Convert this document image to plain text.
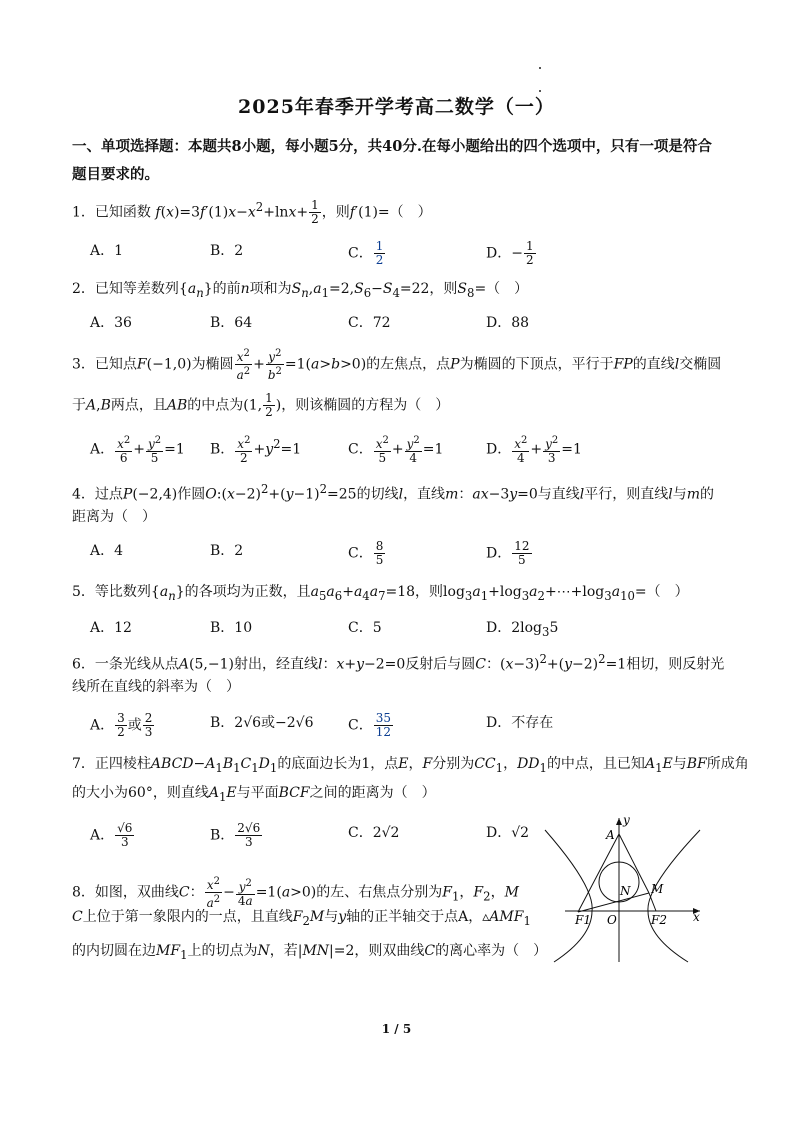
2025年春季开学考高二数学（一）
一、单项选择题：本题共8小题，每小题5分，共40分.在每小题给出的四个选项中，只有一项是符合题目要求的。
1．已知函数 $f(x)=3f'(1)x-x^2+\ln x+ \frac{1}{2}$ ，则f′(1)=（　）
A．1	B．2	C． $\frac{1}{2}$	D．− $\frac{1}{2}$
2．已知等差数列$\{a_n\}$的前n项和为$S_n,a_1=2,S_6-S_4=22$，则$S_8=$（　）
A．36	B．64	C．72	D．88
3．已知点F(−1,0)为椭圆 $\frac{x^2}{a^2} + \frac{y^2}{b^2} =1(a>b>0)$的左焦点，点P为椭圆的下顶点，平行于FP的直线l交椭圆
于A,B两点，且AB的中点为(1, $\frac{1}{2}$ )，则该椭圆的方程为（　）
A． $\frac{x^2}{6} + \frac{y^2}{5} =1$ B． $\frac{x^2}{2} +y^2=1$	C． $\frac{x^2}{5} + \frac{y^2}{4} =1$	D． $\frac{x^2}{4} + \frac{y^2}{3} =1$
4．过点P(−2,4)作圆$O:(x-2)^2+(y-1)^2=25$的切线l，直线m：ax−3y=0与直线l平行，则直线l与m的
距离为（　）
A．4	B．2	C． $\frac{8}{5}$	D． $\frac{12}{5}$
5．等比数列$\{a_n\}$的各项均为正数，且$a_5a_6+a_4a_7=18$，则$\log_3a_1+\log_3a_2+\cdots+\log_3a_{10}=$（　）
A．12	B．10	C．5	D．$2\log_35$
6．一条光线从点A(5,−1)射出，经直线l：x+y−2=0反射后与圆C：$(x-3)^2+(y-2)^2=1$相切，则反射光
线所在直线的斜率为（　）
A． $\frac{3}{2}$ 或 $\frac{2}{3}$	B．2√6或−2√6 C． $\frac{35}{12}$	D．不存在
7．正四棱柱$ABCD-A_1B_1C_1D_1$的底面边长为1，点E，F分别为$CC_1$，$DD_1$的中点，且已知$A_1E$与BF所成角
的大小为60°，则直线$A_1E$与平面BCF之间的距离为（　）
A． $\frac{√6}{3}$	B． $\frac{2√6}{3}$	C．2√2	D．√2
8．如图，双曲线C： $\frac{x^2}{a^2} - \frac{y^2}{4a} =1(a>0)$的左、右焦点分别为$F_1$，$F_2$，M
C上位于第一象限内的一点，且直线$F_2M$与y轴的正半轴交于点A，$▵AMF_1$
的内切圆在边$MF_1$上的切点为N，若|MN|=2，则双曲线C的离心率为（　）
y
A
N M
F1 O	F2 x
1 / 5
